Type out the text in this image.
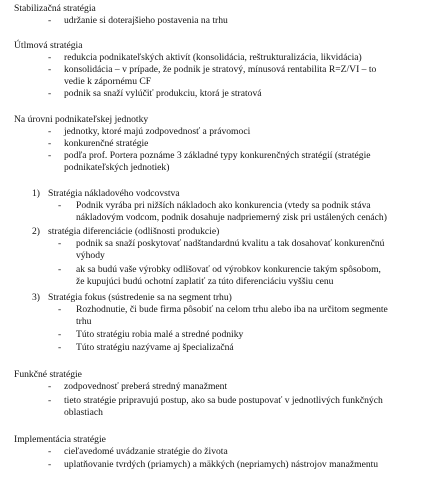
Stabilizačná stratégia
-	udržanie si doterajšieho postavenia na trhu
Útlmová stratégia
-	redukcia podnikateľských aktivít (konsolidácia, reštrukturalizácia, likvidácia)
-	konsolidácia – v prípade, že podnik je stratový, mínusová rentabilita R=Z/VI – to
vedie k zápornému CF
-	podnik sa snaží vylúčiť produkciu, ktorá je stratová
Na úrovni podnikateľskej jednotky
-	jednotky, ktoré majú zodpovednosť a právomoci
-	konkurenčné stratégie
-	podľa prof. Portera poznáme 3 základné typy konkurenčných stratégií (stratégie
podnikateľských jednotiek)
1) Stratégia nákladového vodcovstva
-	Podnik vyrába pri nižších nákladoch ako konkurencia (vtedy sa podnik stáva
nákladovým vodcom, podnik dosahuje nadpriemerný zisk pri ustálených cenách)
2) stratégia diferenciácie (odlišnosti produkcie)
-	podnik sa snaží poskytovať nadštandardnú kvalitu a tak dosahovať konkurenčnú
výhody
-	ak sa budú vaše výrobky odlišovať od výrobkov konkurencie takým spôsobom,
že kupujúci budú ochotní zaplatiť za túto diferenciáciu vyššiu cenu
3) Stratégia fokus (sústredenie sa na segment trhu)
-	Rozhodnutie, či bude firma pôsobiť na celom trhu alebo iba na určitom segmente
trhu
-	Túto stratégiu robia malé a stredné podniky
-	Túto stratégiu nazývame aj špecializačná
Funkčné stratégie
-	zodpovednosť preberá stredný manažment
-	tieto stratégie pripravujú postup, ako sa bude postupovať v jednotlivých funkčných
oblastiach
Implementácia stratégie
-	cieľavedomé uvádzanie stratégie do života
-	uplatňovanie tvrdých (priamych) a mäkkých (nepriamych) nástrojov manažmentu
